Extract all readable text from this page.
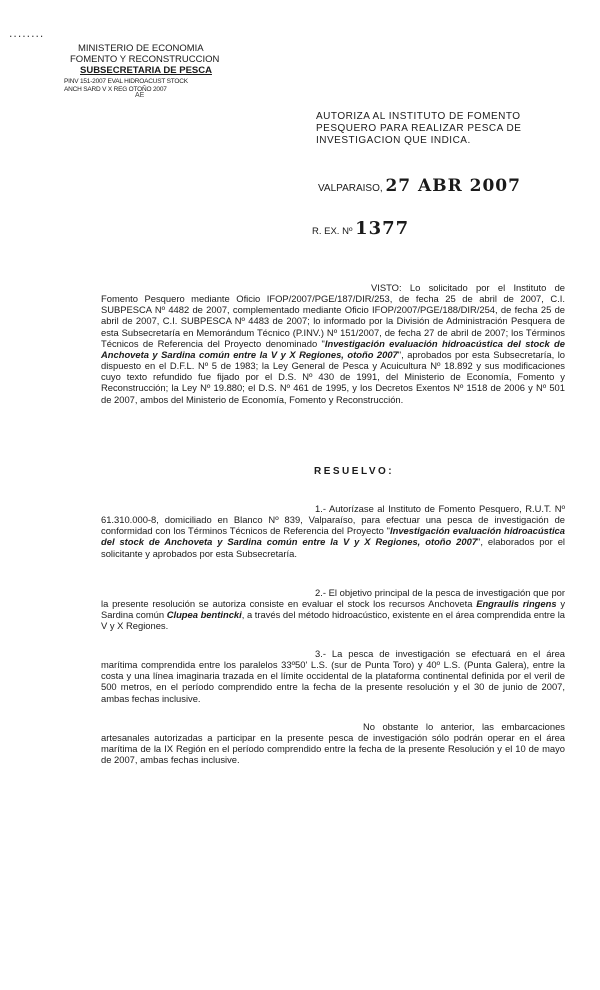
........
MINISTERIO DE ECONOMIA
FOMENTO Y RECONSTRUCCION
SUBSECRETARIA DE PESCA
PINV 151-2007 EVAL HIDROACUST STOCK
ANCH SARD V X REG OTOÑO 2007
AE
AUTORIZA AL INSTITUTO DE FOMENTO PESQUERO PARA REALIZAR PESCA DE INVESTIGACION QUE INDICA.
VALPARAISO, 27 ABR 2007
R. EX. Nº 1377
VISTO: Lo solicitado por el Instituto de Fomento Pesquero mediante Oficio IFOP/2007/PGE/187/DIR/253, de fecha 25 de abril de 2007, C.I. SUBPESCA Nº 4482 de 2007, complementado mediante Oficio IFOP/2007/PGE/188/DIR/254, de fecha 25 de abril de 2007, C.I. SUBPESCA Nº 4483 de 2007; lo informado por la División de Administración Pesquera de esta Subsecretaría en Memorándum Técnico (P.INV.) Nº 151/2007, de fecha 27 de abril de 2007; los Términos Técnicos de Referencia del Proyecto denominado "Investigación evaluación hidroacústica del stock de Anchoveta y Sardina común entre la V y X Regiones, otoño 2007", aprobados por esta Subsecretaría, lo dispuesto en el D.F.L. Nº 5 de 1983; la Ley General de Pesca y Acuicultura Nº 18.892 y sus modificaciones cuyo texto refundido fue fijado por el D.S. Nº 430 de 1991, del Ministerio de Economía, Fomento y Reconstrucción; la Ley Nº 19.880; el D.S. Nº 461 de 1995, y los Decretos Exentos Nº 1518 de 2006 y Nº 501 de 2007, ambos del Ministerio de Economía, Fomento y Reconstrucción.
RESUELVO:
1.- Autorízase al Instituto de Fomento Pesquero, R.U.T. Nº 61.310.000-8, domiciliado en Blanco Nº 839, Valparaíso, para efectuar una pesca de investigación de conformidad con los Términos Técnicos de Referencia del Proyecto "Investigación evaluación hidroacústica del stock de Anchoveta y Sardina común entre la V y X Regiones, otoño 2007", elaborados por el solicitante y aprobados por esta Subsecretaría.
2.- El objetivo principal de la pesca de investigación que por la presente resolución se autoriza consiste en evaluar el stock los recursos Anchoveta Engraulis ringens y Sardina común Clupea bentincki, a través del método hidroacústico, existente en el área comprendida entre la V y X Regiones.
3.- La pesca de investigación se efectuará en el área marítima comprendida entre los paralelos 33º50' L.S. (sur de Punta Toro) y 40º L.S. (Punta Galera), entre la costa y una línea imaginaria trazada en el límite occidental de la plataforma continental definida por el veril de 500 metros, en el período comprendido entre la fecha de la presente resolución y el 30 de junio de 2007, ambas fechas inclusive.
No obstante lo anterior, las embarcaciones artesanales autorizadas a participar en la presente pesca de investigación sólo podrán operar en el área marítima de la IX Región en el período comprendido entre la fecha de la presente Resolución y el 10 de mayo de 2007, ambas fechas inclusive.
